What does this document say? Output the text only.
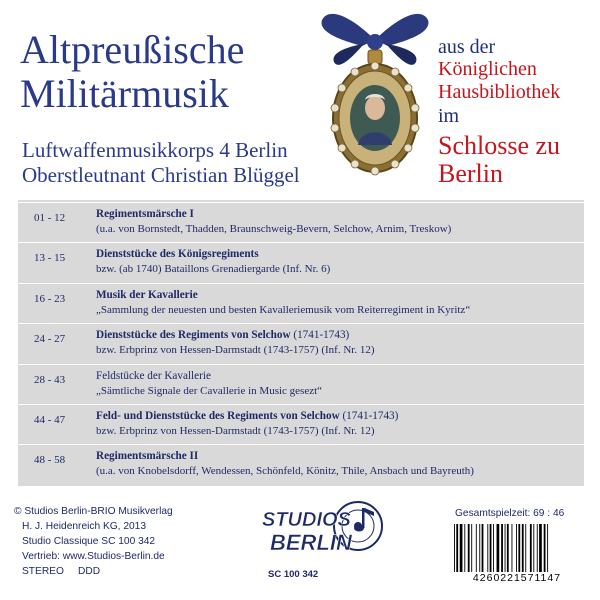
Altpreußische
Militärmusik
Luftwaffenmusikkorps 4 Berlin
Oberstleutnant Christian Blüggel
aus der
Königlichen
Hausbibliothek
im
Schlosse zu
Berlin
01 - 12	Regimentsmärsche I
(u.a. von Bornstedt, Thadden, Braunschweig-Bevern, Selchow, Arnim, Treskow)
13 - 15	Dienststücke des Königsregiments
bzw. (ab 1740) Bataillons Grenadiergarde (Inf. Nr. 6)
16 - 23	Musik der Kavallerie
„Sammlung der neuesten und besten Kavalleriemusik vom Reiterregiment in Kyritz“
24 - 27	Dienststücke des Regiments von Selchow (1741-1743)
bzw. Erbprinz von Hessen-Darmstadt (1743-1757) (Inf. Nr. 12)
28 - 43	Feldstücke der Kavallerie
„Sämtliche Signale der Cavallerie in Music gesezt“
44 - 47	Feld- und Dienststücke des Regiments von Selchow (1741-1743)
bzw. Erbprinz von Hessen-Darmstadt (1743-1757) (Inf. Nr. 12)
48 - 58	Regimentsmärsche II
(u.a. von Knobelsdorff, Wendessen, Schönfeld, Könitz, Thile, Ansbach und Bayreuth)
© Studios Berlin-BRIO Musikverlag
H. J. Heidenreich KG, 2013
Studio Classique SC 100 342
Vertrieb: www.Studios-Berlin.de
STEREO DDD
Gesamtspielzeit: 69 : 46
STUDIOS
BERLIN
SC 100 342	4260221571147
